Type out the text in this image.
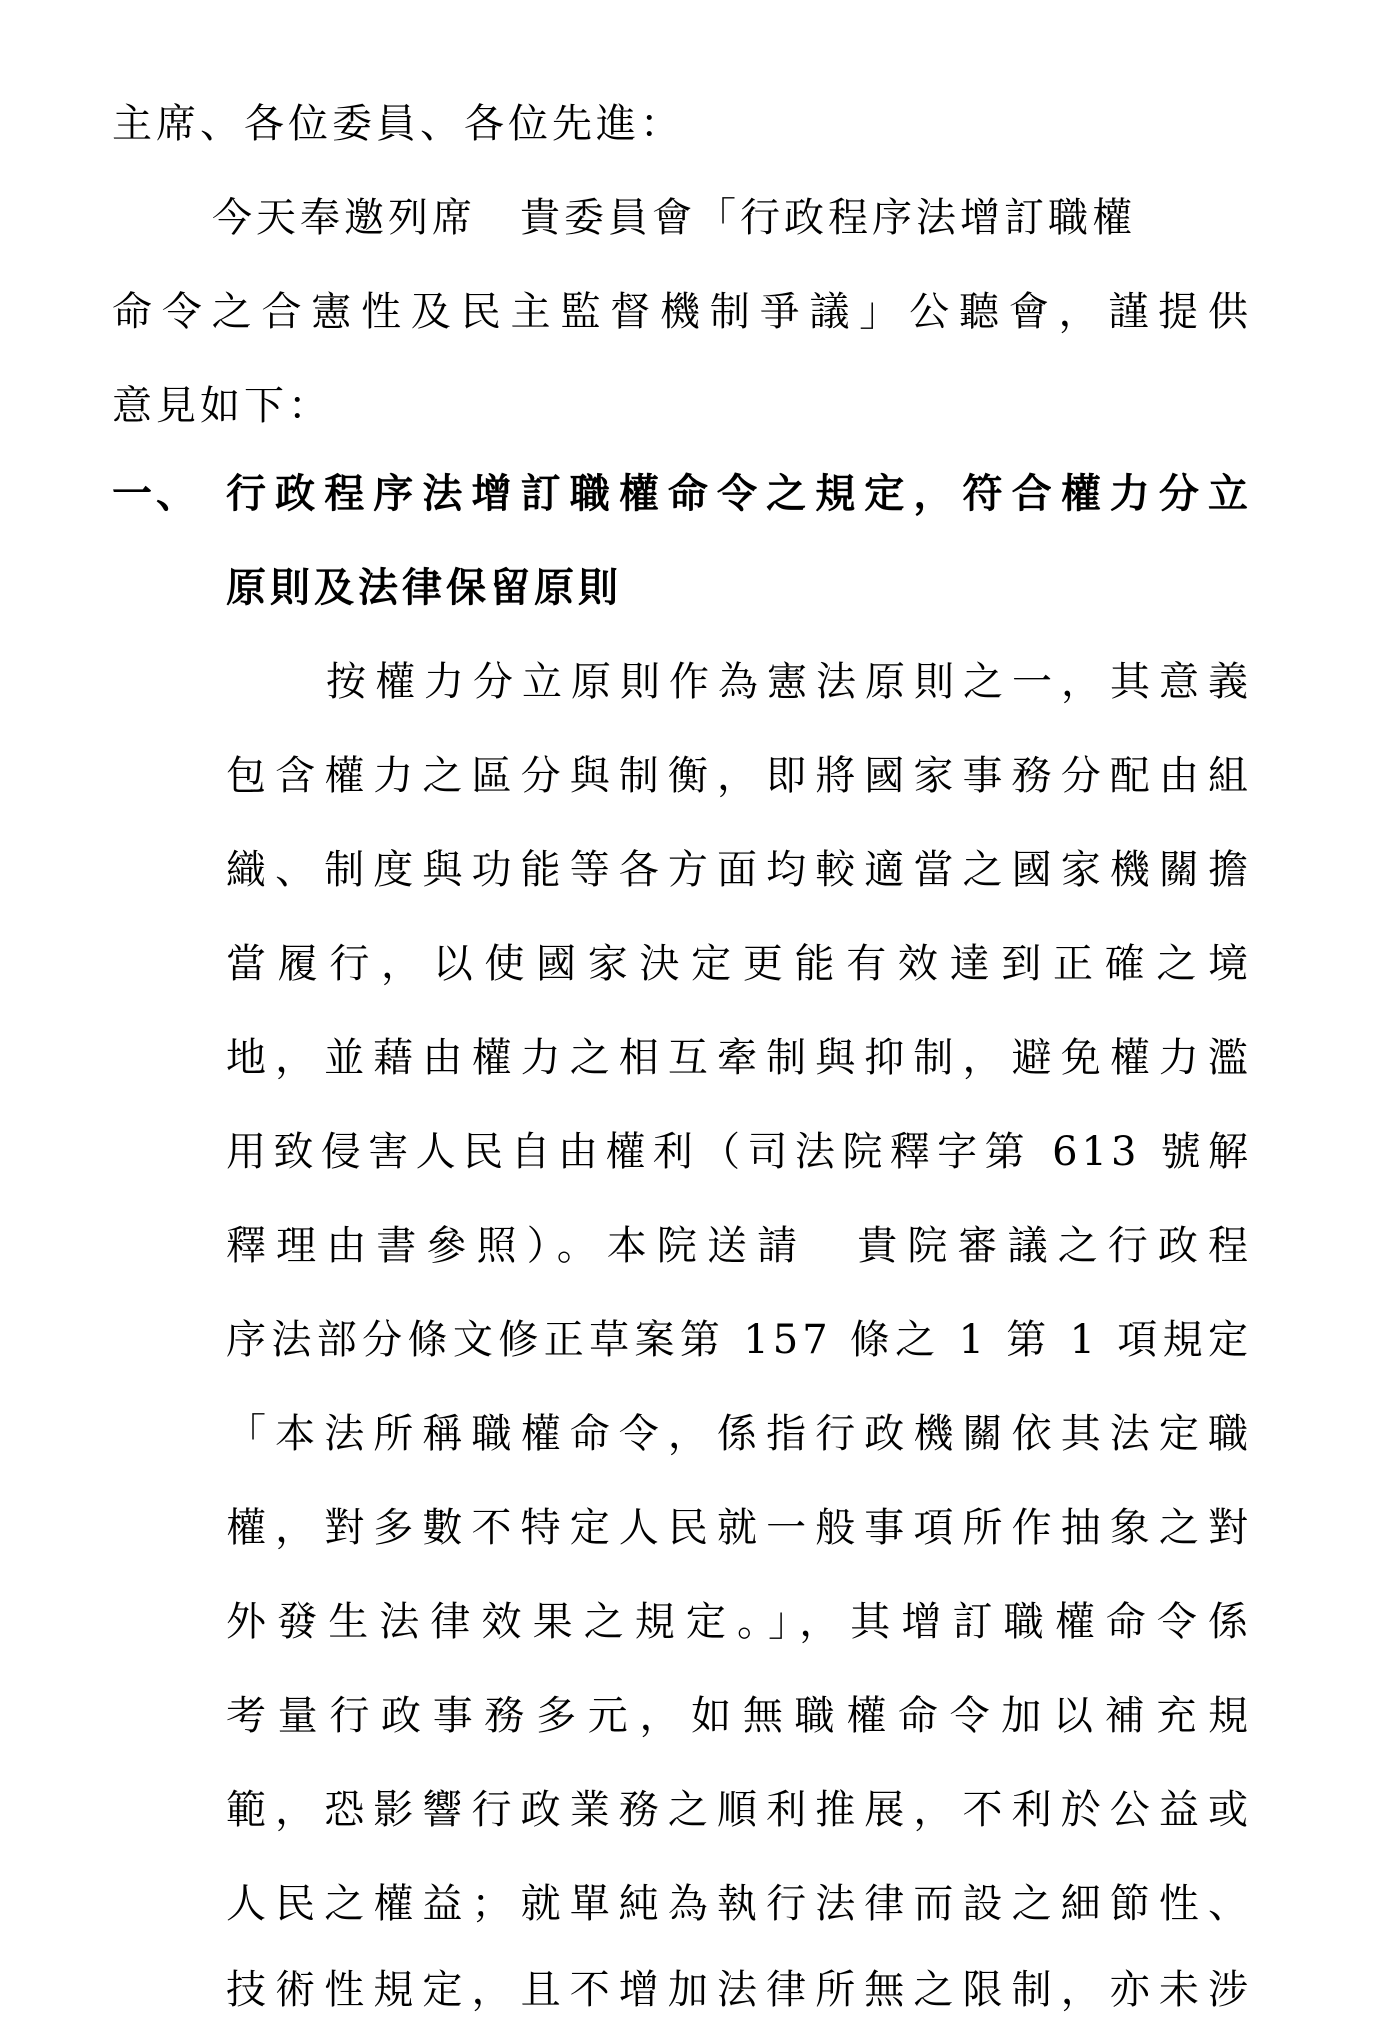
主席、各位委員、各位先進：
今天奉邀列席　貴委員會「行政程序法增訂職權
命令之合憲性及民主監督機制爭議」公聽會，謹提供
意見如下：
一、 行政程序法增訂職權命令之規定，符合權力分立
原則及法律保留原則
按權力分立原則作為憲法原則之一，其意義
包含權力之區分與制衡，即將國家事務分配由組
織、制度與功能等各方面均較適當之國家機關擔
當履行，以使國家決定更能有效達到正確之境
地，並藉由權力之相互牽制與抑制，避免權力濫
用致侵害人民自由權利（司法院釋字第 613 號解
釋理由書參照）。本院送請　貴院審議之行政程
序法部分條文修正草案第 157 條之 1 第 1 項規定
「本法所稱職權命令，係指行政機關依其法定職
權，對多數不特定人民就一般事項所作抽象之對
外發生法律效果之規定。」，其增訂職權命令係
考量行政事務多元，如無職權命令加以補充規
範，恐影響行政業務之順利推展，不利於公益或
人民之權益；就單純為執行法律而設之細節性、
技術性規定，且不增加法律所無之限制，亦未涉
